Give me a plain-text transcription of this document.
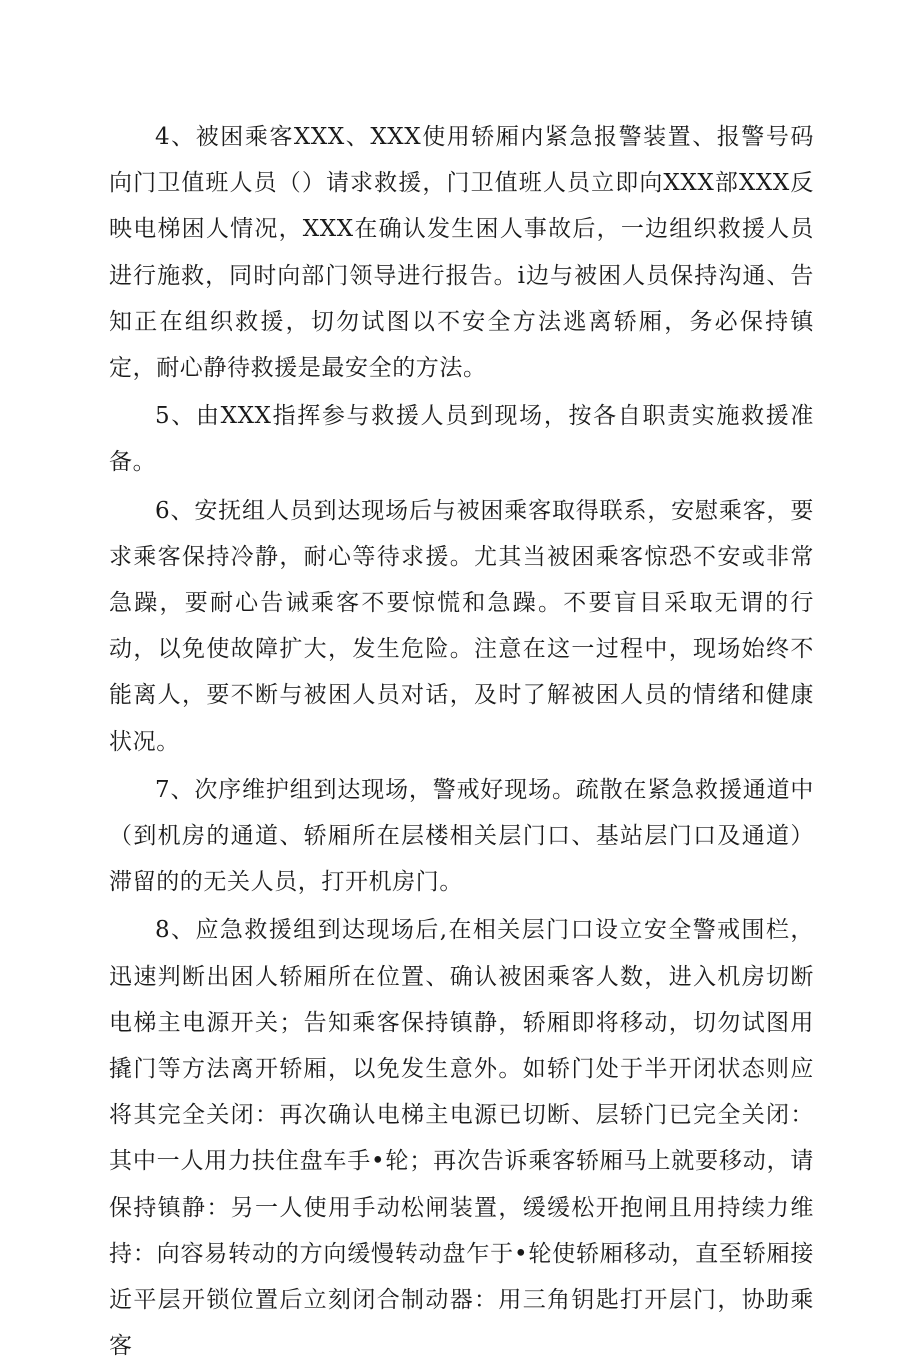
4、被困乘客XXX、XXX使用轿厢内紧急报警装置、报警号码向门卫值班人员（）请求救援，门卫值班人员立即向XXX部XXX反映电梯困人情况，XXX在确认发生困人事故后，一边组织救援人员进行施救，同时向部门领导进行报告。i边与被困人员保持沟通、告知正在组织救援，切勿试图以不安全方法逃离轿厢，务必保持镇定，耐心静待救援是最安全的方法。

5、由XXX指挥参与救援人员到现场，按各自职责实施救援准备。

6、安抚组人员到达现场后与被困乘客取得联系，安慰乘客，要求乘客保持冷静，耐心等待求援。尤其当被困乘客惊恐不安或非常急躁，要耐心告诫乘客不要惊慌和急躁。不要盲目采取无谓的行动，以免使故障扩大，发生危险。注意在这一过程中，现场始终不能离人，要不断与被困人员对话，及时了解被困人员的情绪和健康状况。

7、次序维护组到达现场，警戒好现场。疏散在紧急救援通道中（到机房的通道、轿厢所在层楼相关层门口、基站层门口及通道）滞留的的无关人员，打开机房门。

8、应急救援组到达现场后,在相关层门口设立安全警戒围栏，迅速判断出困人轿厢所在位置、确认被困乘客人数，进入机房切断电梯主电源开关；告知乘客保持镇静，轿厢即将移动，切勿试图用撬门等方法离开轿厢，以免发生意外。如轿门处于半开闭状态则应将其完全关闭：再次确认电梯主电源已切断、层轿门已完全关闭：其中一人用力扶住盘车手•轮；再次告诉乘客轿厢马上就要移动，请保持镇静：另一人使用手动松闸装置，缓缓松开抱闸且用持续力维持：向容易转动的方向缓慢转动盘乍于•轮使轿厢移动，直至轿厢接近平层开锁位置后立刻闭合制动器：用三角钥匙打开层门，协助乘客
